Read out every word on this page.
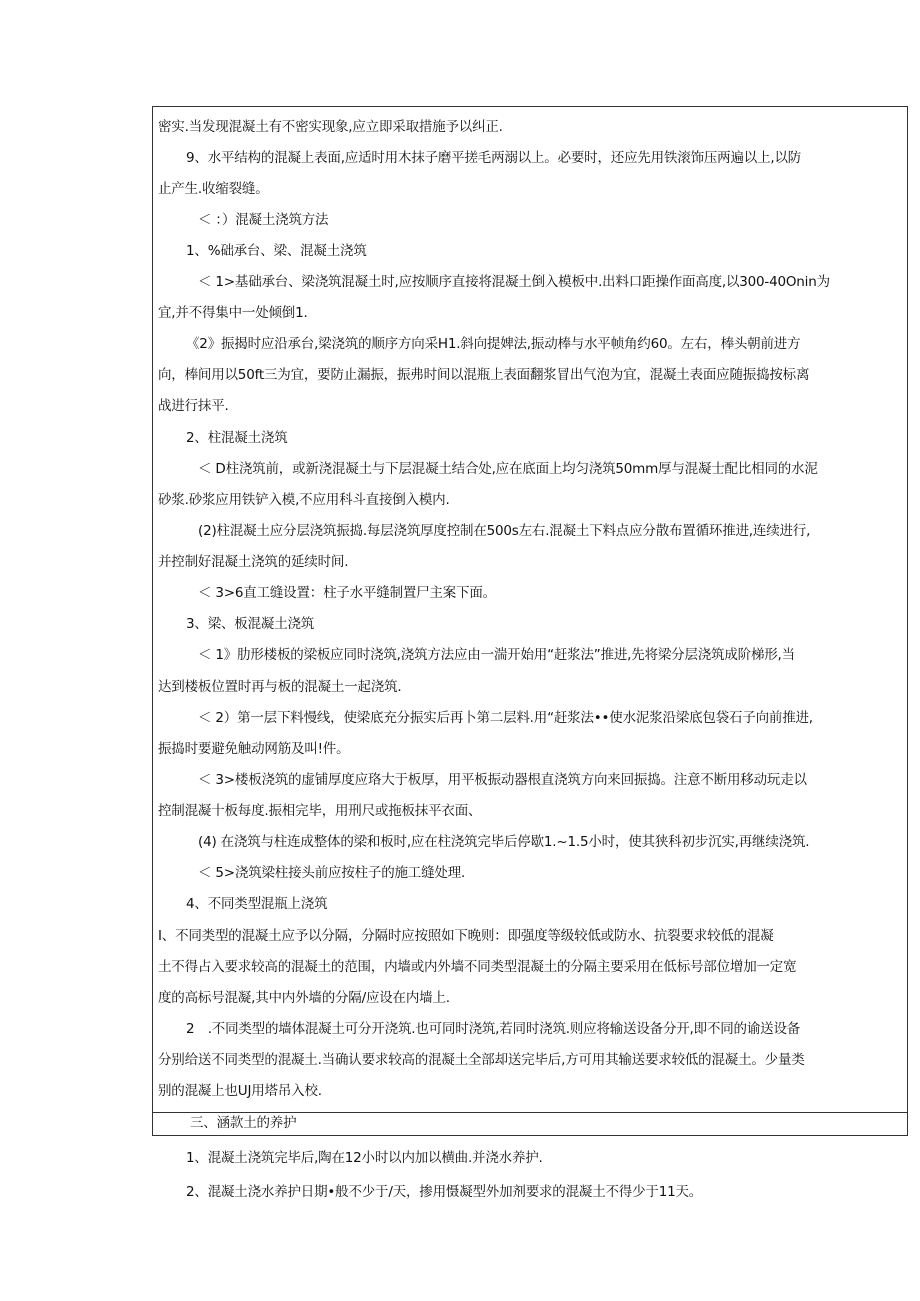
密实.当发现混凝土有不密实现象,应立即采取措施予以纠正.
9、水平结构的混凝上表面,应适时用木抹子磨平搓毛两溺以上。必要时，还应先用铁滚饰压两遍以上,以防
止产生.收缩裂缝。
＜ ：）混凝土浇筑方法
1、%础承台、梁、混凝土浇筑
＜ 1>基础承台、梁浇筑混凝土时,应按顺序直接将混凝土倒入模板中.出料口距操作面高度,以300-40Onin为
宜,并不得集中一处倾倒1.
《2》振揭时应沿承台,梁浇筑的顺序方向采H1.斜向提婢法,振动棒与水平帧角约60。左右，棒头朝前进方
向，棒间用以50ft三为宜，要防止漏振，振弗时间以混瓶上表面翻浆冒出气泡为宜，混凝土表面应随振捣按标离
战进行抹平.
2、柱混凝土浇筑
＜ D柱浇筑前，或新浇混凝土与下层混凝土结合处,应在底面上均匀浇筑50mm厚与混凝士配比相同的水泥
砂浆.砂浆应用铁铲入模,不应用科斗直接倒入模内.
(2)柱混凝土应分层浇筑振捣.每层浇筑厚度控制在500s左右.混凝土下料点应分散布置循环推进,连续进行,
并控制好混凝土浇筑的延续时间.
＜ 3>6直工缝设置：柱子水平缝制置尸主案下面。
3、梁、板混凝土浇筑
＜ 1》肋形楼板的梁板应同时浇筑,浇筑方法应由一湍开始用“赶浆法”推进,先将梁分层浇筑成阶梯形,当
达到楼板位置时再与板的混凝土一起浇筑.
＜ 2）第一层下料慢线，使梁底充分振实后再卜第二层料.用“赶浆法••使水泥浆沿梁底包袋石子向前推进,
振捣时要避免触动网筋及叫!件。
＜ 3>楼板浇筑的虚铺厚度应珞大于板厚，用平板振动器根直浇筑方向来回振捣。注意不断用移动玩走以
控制混凝十板每度.振相完毕，用刑尺或拖板抹平衣面、
(4) 在浇筑与柱连成整体的梁和板时,应在柱浇筑完毕后停歇1.~1.5小时，使其狭科初步沉实,再继续浇筑.
＜ 5>浇筑梁柱接头前应按柱子的施工缝处理.
4、不同类型混瓶上浇筑
I、不同类型的混凝土应予以分隔，分隔时应按照如下晚则：即强度等级较低或防水、抗裂要求较低的混凝
土不得占入要求较高的混凝土的范围，内墙或内外墙不同类型混凝土的分隔主要采用在低标号部位增加一定宽
度的高标号混凝,其中内外墙的分隔/应设在内墙上.
2　.不同类型的墙体混凝土可分开浇筑.也可同时浇筑,若同时浇筑.则应将输送设备分开,即不同的谕送设备
分别给送不同类型的混凝土.当确认要求较高的混凝土全部却送完毕后,方可用其输送要求较低的混凝土。少量类
别的混凝上也UJ用塔吊入校.
三、涵款土的养护
1、混凝土浇筑完毕后,陶在12小时以内加以横曲.并浇水养护.
2、混凝土浇水养护日期•般不少于/天，掺用慑凝型外加剂要求的混凝土不得少于11天。
